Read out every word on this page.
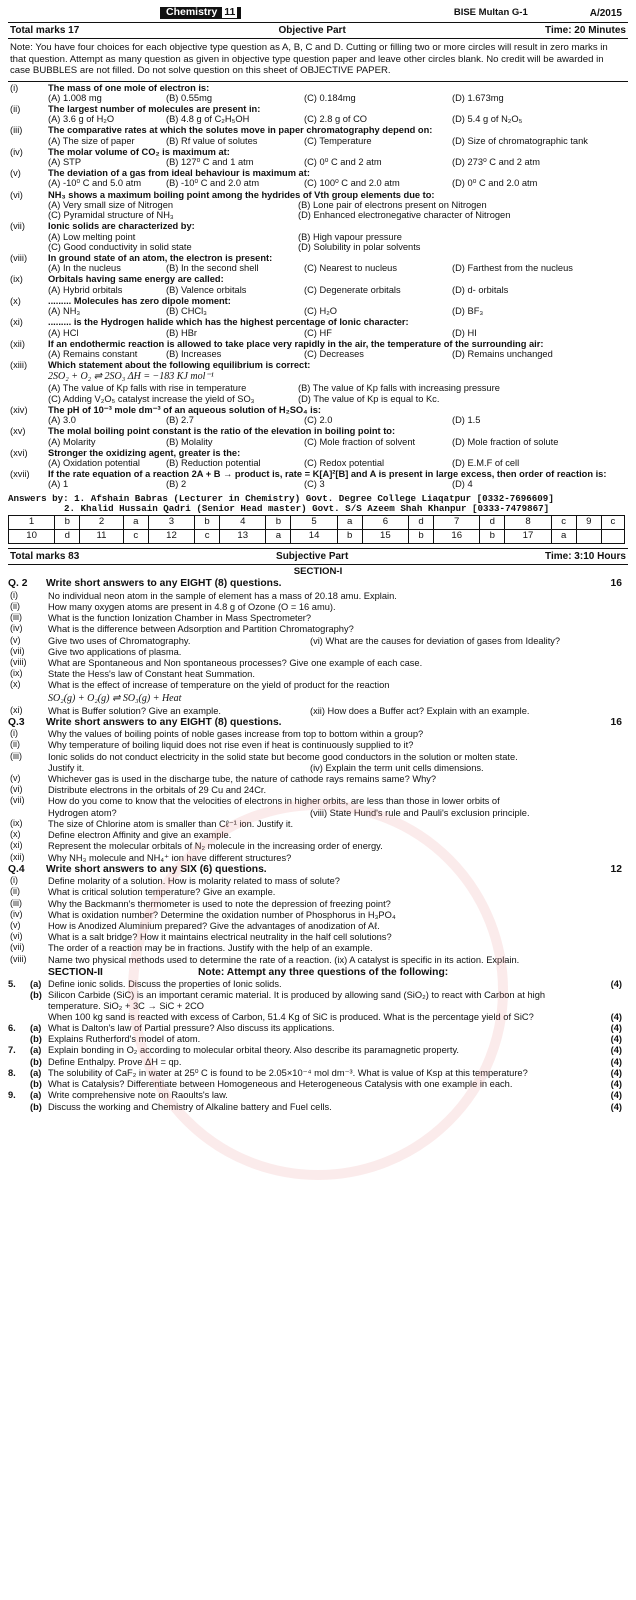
Chemistry 11	BISE Multan G-1	A/2015
Total marks 17	Objective Part	Time: 20 Minutes
Note: You have four choices for each objective type question as A, B, C and D. Cutting or filling two or more circles will result in zero marks in that question. Attempt as many question as given in objective type question paper and leave other circles blank. No credit will be awarded in case BUBBLES are not filled. Do not solve question on this sheet of OBJECTIVE PAPER.
(i)	The mass of one mole of electron is:
(A) 1.008 mg	(B) 0.55mg	(C) 0.184mg	(D) 1.673mg
(ii)	The largest number of molecules are present in:
(A) 3.6 g of H₂O	(B) 4.8 g of C₂H₅OH	(C) 2.8 g of CO	(D) 5.4 g of N₂O₅
(iii)	The comparative rates at which the solutes move in paper chromatography depend on:
(A) The size of paper	(B) Rf value of solutes	(C) Temperature	(D) Size of chromatographic tank
(iv)	The molar volume of CO₂ is maximum at:
(A) STP	(B) 127⁰ C and 1 atm	(C) 0⁰ C and 2 atm	(D) 273⁰ C and 2 atm
(v)	The deviation of a gas from ideal behaviour is maximum at:
(A) -10⁰ C and 5.0 atm	(B) -10⁰ C and 2.0 atm	(C) 100⁰ C and 2.0 atm	(D) 0⁰ C and 2.0 atm
(vi)	NH₃ shows a maximum boiling point among the hydrides of Vth group elements due to:
(A) Very small size of Nitrogen	(B) Lone pair of electrons present on Nitrogen
(C) Pyramidal structure of NH₃	(D) Enhanced electronegative character of Nitrogen
(vii)	Ionic solids are characterized by:
(A) Low melting point	(B) High vapour pressure
(C) Good conductivity in solid state	(D) Solubility in polar solvents
(viii)	In ground state of an atom, the electron is present:
(A) In the nucleus	(B) In the second shell	(C) Nearest to nucleus	(D) Farthest from the nucleus
(ix)	Orbitals having same energy are called:
(A) Hybrid orbitals	(B) Valence orbitals	(C) Degenerate orbitals	(D) d- orbitals
(x)	......... Molecules has zero dipole moment:
(A) NH₃	(B) CHCl₃	(C) H₂O	(D) BF₃
(xi)	......... is the Hydrogen halide which has the highest percentage of Ionic character:
(A) HCl	(B) HBr	(C) HF	(D) HI
(xii)	If an endothermic reaction is allowed to take place very rapidly in the air, the temperature of the surrounding air:
(A) Remains constant	(B) Increases	(C) Decreases	(D) Remains unchanged
(xiii)	Which statement about the following equilibrium is correct:
2SO₂ + O₂ ⇌ 2SO₃ ΔH = −183 KJ mol⁻¹
(A) The value of Kp falls with rise in temperature	(B) The value of Kp falls with increasing pressure
(C) Adding V₂O₅ catalyst increase the yield of SO₃	(D) The value of Kp is equal to Kc.
(xiv)	The pH of 10⁻³ mole dm⁻³ of an aqueous solution of H₂SO₄ is:
(A) 3.0	(B) 2.7	(C) 2.0	(D) 1.5
(xv)	The molal boiling point constant is the ratio of the elevation in boiling point to:
(A) Molarity	(B) Molality	(C) Mole fraction of solvent	(D) Mole fraction of solute
(xvi)	Stronger the oxidizing agent, greater is the:
(A) Oxidation potential	(B) Reduction potential	(C) Redox potential	(D) E.M.F of cell
(xvii)	If the rate equation of a reaction 2A + B → product is, rate = K[A]²[B] and A is present in large excess, then order of reaction is:
(A) 1	(B) 2	(C) 3	(D) 4
Answers by: 1. Afshain Babras (Lecturer in Chemistry) Govt. Degree College Liaqatpur [0332-7696609]
2. Khalid Hussain Qadri (Senior Head master) Govt. S/S Azeem Shah Khanpur [0333-7479867]
1	b	2	a	3	b	4	b	5	a	6	d	7	d	8	c	9	c
10	d	11	c	12	c	13	a	14	b	15	b	16	b	17	a		
Total marks 83	Subjective Part	Time: 3:10 Hours
SECTION-I
Q. 2	Write short answers to any EIGHT (8) questions.	16
(i)	No individual neon atom in the sample of element has a mass of 20.18 amu. Explain.
(ii)	How many oxygen atoms are present in 4.8 g of Ozone (O = 16 amu).
(iii)	What is the function Ionization Chamber in Mass Spectrometer?
(iv)	What is the difference between Adsorption and Partition Chromatography?
(v)	Give two uses of Chromatography.	(vi) What are the causes for deviation of gases from Ideality?
(vii)	Give two applications of plasma.
(viii)	What are Spontaneous and Non spontaneous processes? Give one example of each case.
(ix)	State the Hess's law of Constant heat Summation.
(x)	What is the effect of increase of temperature on the yield of product for the reaction
SO₂(g) + O₂(g) ⇌ SO₃(g) + Heat
(xi)	What is Buffer solution? Give an example.	(xii) How does a Buffer act? Explain with an example.
Q.3	Write short answers to any EIGHT (8) questions.	16
(i)	Why the values of boiling points of noble gases increase from top to bottom within a group?
(ii)	Why temperature of boiling liquid does not rise even if heat is continuously supplied to it?
(iii)	Ionic solids do not conduct electricity in the solid state but become good conductors in the solution or molten state.
Justify it.	(iv) Explain the term unit cells dimensions.
(v)	Whichever gas is used in the discharge tube, the nature of cathode rays remains same? Why?
(vi)	Distribute electrons in the orbitals of 29 Cu and 24Cr.
(vii)	How do you come to know that the velocities of electrons in higher orbits, are less than those in lower orbits of
Hydrogen atom?	(viii) State Hund's rule and Pauli's exclusion principle.
(ix)	The size of Chlorine atom is smaller than Cℓ⁻¹ ion. Justify it.
(x)	Define electron Affinity and give an example.
(xi)	Represent the molecular orbitals of N₂ molecule in the increasing order of energy.
(xii)	Why NH₃ molecule and NH₄⁺ ion have different structures?
Q.4	Write short answers to any SIX (6) questions.	12
(i)	Define molarity of a solution. How is molarity related to mass of solute?
(ii)	What is critical solution temperature? Give an example.
(iii)	Why the Backmann's thermometer is used to note the depression of freezing point?
(iv)	What is oxidation number? Determine the oxidation number of Phosphorus in H₃PO₄
(v)	How is Anodized Aluminium prepared? Give the advantages of anodization of Aℓ.
(vi)	What is a salt bridge? How it maintains electrical neutrality in the half cell solutions?
(vii)	The order of a reaction may be in fractions. Justify with the help of an example.
(viii)	Name two physical methods used to determine the rate of a reaction. (ix) A catalyst is specific in its action. Explain.
SECTION-II	Note: Attempt any three questions of the following:
5.	(a) Define ionic solids. Discuss the properties of Ionic solids.	(4)
(b) Silicon Carbide (SiC) is an important ceramic material. It is produced by allowing sand (SiO₂) to react with Carbon at high temperature. SiO₂ + 3C → SiC + 2CO
When 100 kg sand is reacted with excess of Carbon, 51.4 Kg of SiC is produced. What is the percentage yield of SiC?	(4)
6.	(a) What is Dalton's law of Partial pressure? Also discuss its applications.	(4)
(b) Explains Rutherford's model of atom.	(4)
7.	(a) Explain bonding in O₂ according to molecular orbital theory. Also describe its paramagnetic property.	(4)
(b) Define Enthalpy. Prove ΔH = qp.	(4)
8.	(a) The solubility of CaF₂ in water at 25⁰ C is found to be 2.05×10⁻⁴ mol dm⁻³. What is value of Ksp at this temperature?	(4)
(b) What is Catalysis? Differentiate between Homogeneous and Heterogeneous Catalysis with one example in each.	(4)
9.	(a) Write comprehensive note on Raoults's law.	(4)
(b) Discuss the working and Chemistry of Alkaline battery and Fuel cells.	(4)
